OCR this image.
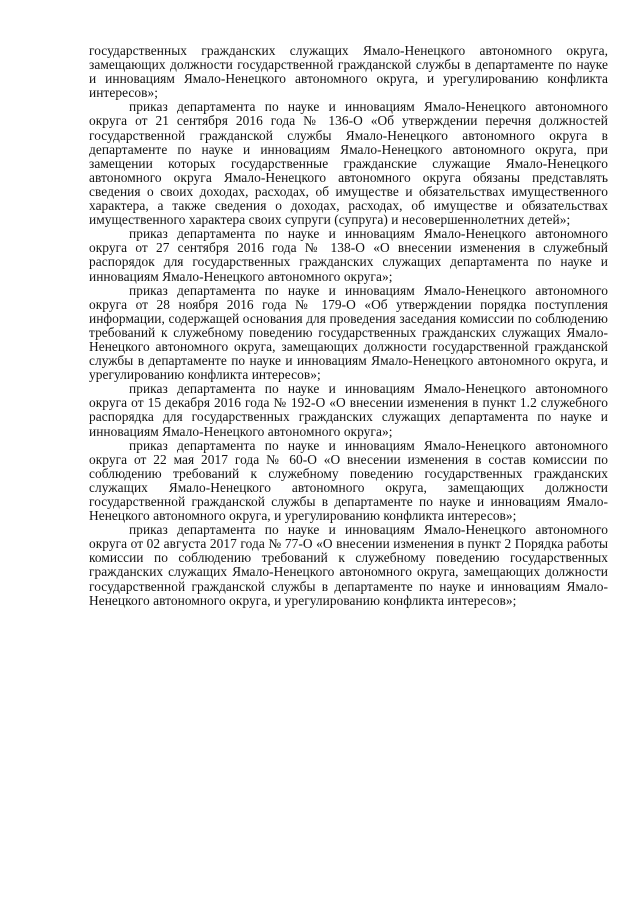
государственных гражданских служащих Ямало-Ненецкого автономного округа, замещающих должности государственной гражданской службы в департаменте по науке и инновациям Ямало-Ненецкого автономного округа, и урегулированию конфликта интересов»;

приказ департамента по науке и инновациям Ямало-Ненецкого автономного округа от 21 сентября 2016 года № 136-О «Об утверждении перечня должностей государственной гражданской службы Ямало-Ненецкого автономного округа в департаменте по науке и инновациям Ямало-Ненецкого автономного округа, при замещении которых государственные гражданские служащие Ямало-Ненецкого автономного округа Ямало-Ненецкого автономного округа обязаны представлять сведения о своих доходах, расходах, об имуществе и обязательствах имущественного характера, а также сведения о доходах, расходах, об имуществе и обязательствах имущественного характера своих супруги (супруга) и несовершеннолетних детей»;

приказ департамента по науке и инновациям Ямало-Ненецкого автономного округа от 27 сентября 2016 года № 138-О «О внесении изменения в служебный распорядок для государственных гражданских служащих департамента по науке и инновациям Ямало-Ненецкого автономного округа»;

приказ департамента по науке и инновациям Ямало-Ненецкого автономного округа от 28 ноября 2016 года № 179-О «Об утверждении порядка поступления информации, содержащей основания для проведения заседания комиссии по соблюдению требований к служебному поведению государственных гражданских служащих Ямало-Ненецкого автономного округа, замещающих должности государственной гражданской службы в департаменте по науке и инновациям Ямало-Ненецкого автономного округа, и урегулированию конфликта интересов»;

приказ департамента по науке и инновациям Ямало-Ненецкого автономного округа от 15 декабря 2016 года № 192-О «О внесении изменения в пункт 1.2 служебного распорядка для государственных гражданских служащих департамента по науке и инновациям Ямало-Ненецкого автономного округа»;

приказ департамента по науке и инновациям Ямало-Ненецкого автономного округа от 22 мая 2017 года № 60-О «О внесении изменения в состав комиссии по соблюдению требований к служебному поведению государственных гражданских служащих Ямало-Ненецкого автономного округа, замещающих должности государственной гражданской службы в департаменте по науке и инновациям Ямало-Ненецкого автономного округа, и урегулированию конфликта интересов»;

приказ департамента по науке и инновациям Ямало-Ненецкого автономного округа от 02 августа 2017 года № 77-О «О внесении изменения в пункт 2 Порядка работы комиссии по соблюдению требований к служебному поведению государственных гражданских служащих Ямало-Ненецкого автономного округа, замещающих должности государственной гражданской службы в департаменте по науке и инновациям Ямало-Ненецкого автономного округа, и урегулированию конфликта интересов»;
